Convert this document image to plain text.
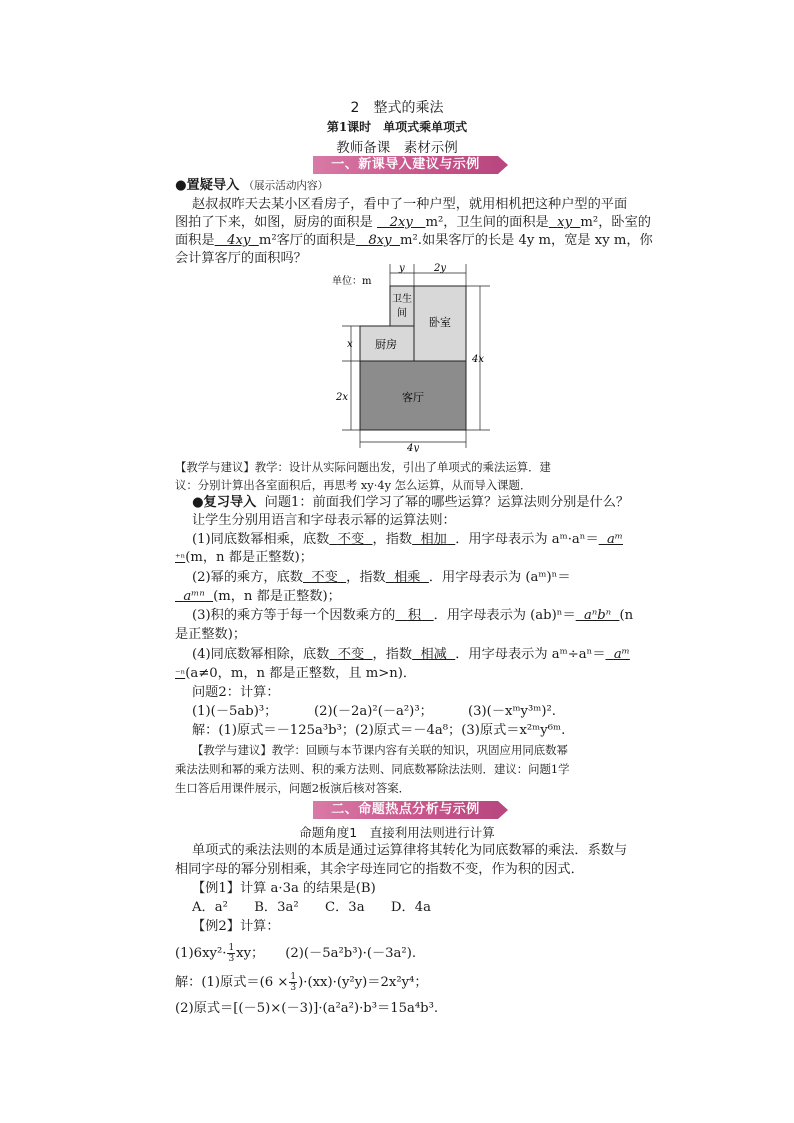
2　整式的乘法
第1课时　单项式乘单项式
教师备课　素材示例
一、新课导入建议与示例
●置疑导入 （展示活动内容）
赵叔叔昨天去某小区看房子，看中了一种户型，就用相机把这种户型的平面
图拍了下来，如图，厨房的面积是 2xy m²，卫生间的面积是 xy m²，卧室的
面积是 4xy m²客厅的面积是 8xy m².如果客厅的长是 4y m，宽是 xy m，你
会计算客厅的面积吗？
单位：m
y	2y
卫生
间
卧室
厨房
客厅
x
2x
4x
4y
【教学与建议】教学：设计从实际问题出发，引出了单项式的乘法运算．建
议：分别计算出各室面积后，再思考 xy·4y 怎么运算，从而导入课题．
●复习导入 问题1：前面我们学习了幂的哪些运算？运算法则分别是什么？
让学生分别用语言和字母表示幂的运算法则：
(1)同底数幂相乘，底数 不变 ，指数 相加 ．用字母表示为 aᵐ·aⁿ＝ aᵐ
⁺ⁿ(m，n 都是正整数)；
(2)幂的乘方，底数 不变 ，指数 相乘 ．用字母表示为 (aᵐ)ⁿ＝
aᵐⁿ (m，n 都是正整数)；
(3)积的乘方等于每一个因数乘方的 积 ．用字母表示为 (ab)ⁿ＝ aⁿbⁿ (n
是正整数)；
(4)同底数幂相除，底数 不变 ，指数 相减 ．用字母表示为 aᵐ÷aⁿ＝ aᵐ
⁻ⁿ(a≠0，m，n 都是正整数，且 m>n)．
问题2：计算：
(1)(－5ab)³；	(2)(－2a)²(－a²)³；	(3)(－xᵐy³ᵐ)².
解：(1)原式＝－125a³b³；(2)原式＝－4a⁸；(3)原式＝x²ᵐy⁶ᵐ.
【教学与建议】教学：回顾与本节课内容有关联的知识，巩固应用同底数幂
乘法法则和幂的乘方法则、积的乘方法则、同底数幂除法法则．建议：问题1学
生口答后用课件展示，问题2板演后核对答案．
二、命题热点分析与示例
命题角度1　直接利用法则进行计算
单项式的乘法法则的本质是通过运算律将其转化为同底数幂的乘法．系数与
相同字母的幂分别相乘，其余字母连同它的指数不变，作为积的因式．
【例1】计算 a·3a 的结果是(B)
A．a²　　B．3a²　　C．3a　　D．4a
【例2】计算：
$(1)6xy^2\cdot \frac{1}{3}$ xy； (2)(－5a²b³)·(－3a²).
解：(1)原式$=(6 \times \frac{1}{3} )\cdot(xx)\cdot(y^2y)=2x^2y^4$；
(2)原式＝[(－5)×(－3)]·(a²a²)·b³＝15a⁴b³.
